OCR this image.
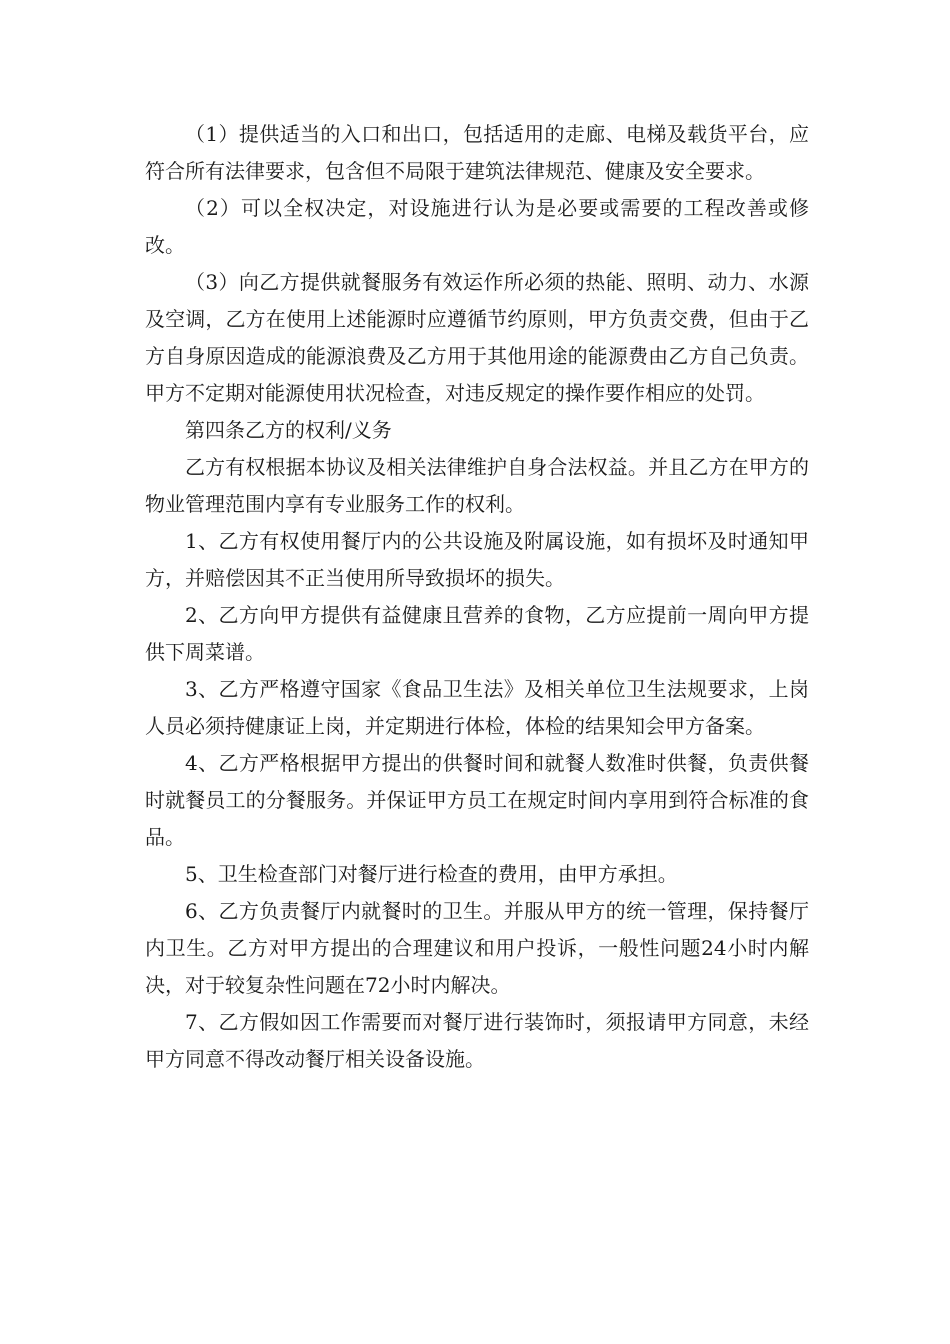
（1）提供适当的入口和出口，包括适用的走廊、电梯及载货平台，应符合所有法律要求，包含但不局限于建筑法律规范、健康及安全要求。

（2）可以全权决定，对设施进行认为是必要或需要的工程改善或修改。

（3）向乙方提供就餐服务有效运作所必须的热能、照明、动力、水源及空调，乙方在使用上述能源时应遵循节约原则，甲方负责交费，但由于乙方自身原因造成的能源浪费及乙方用于其他用途的能源费由乙方自己负责。甲方不定期对能源使用状况检查，对违反规定的操作要作相应的处罚。

第四条乙方的权利/义务

乙方有权根据本协议及相关法律维护自身合法权益。并且乙方在甲方的物业管理范围内享有专业服务工作的权利。

1、乙方有权使用餐厅内的公共设施及附属设施，如有损坏及时通知甲方，并赔偿因其不正当使用所导致损坏的损失。

2、乙方向甲方提供有益健康且营养的食物，乙方应提前一周向甲方提供下周菜谱。

3、乙方严格遵守国家《食品卫生法》及相关单位卫生法规要求，上岗人员必须持健康证上岗，并定期进行体检，体检的结果知会甲方备案。

4、乙方严格根据甲方提出的供餐时间和就餐人数准时供餐，负责供餐时就餐员工的分餐服务。并保证甲方员工在规定时间内享用到符合标准的食品。

5、卫生检查部门对餐厅进行检查的费用，由甲方承担。

6、乙方负责餐厅内就餐时的卫生。并服从甲方的统一管理，保持餐厅内卫生。乙方对甲方提出的合理建议和用户投诉，一般性问题24小时内解决，对于较复杂性问题在72小时内解决。

7、乙方假如因工作需要而对餐厅进行装饰时，须报请甲方同意，未经甲方同意不得改动餐厅相关设备设施。
